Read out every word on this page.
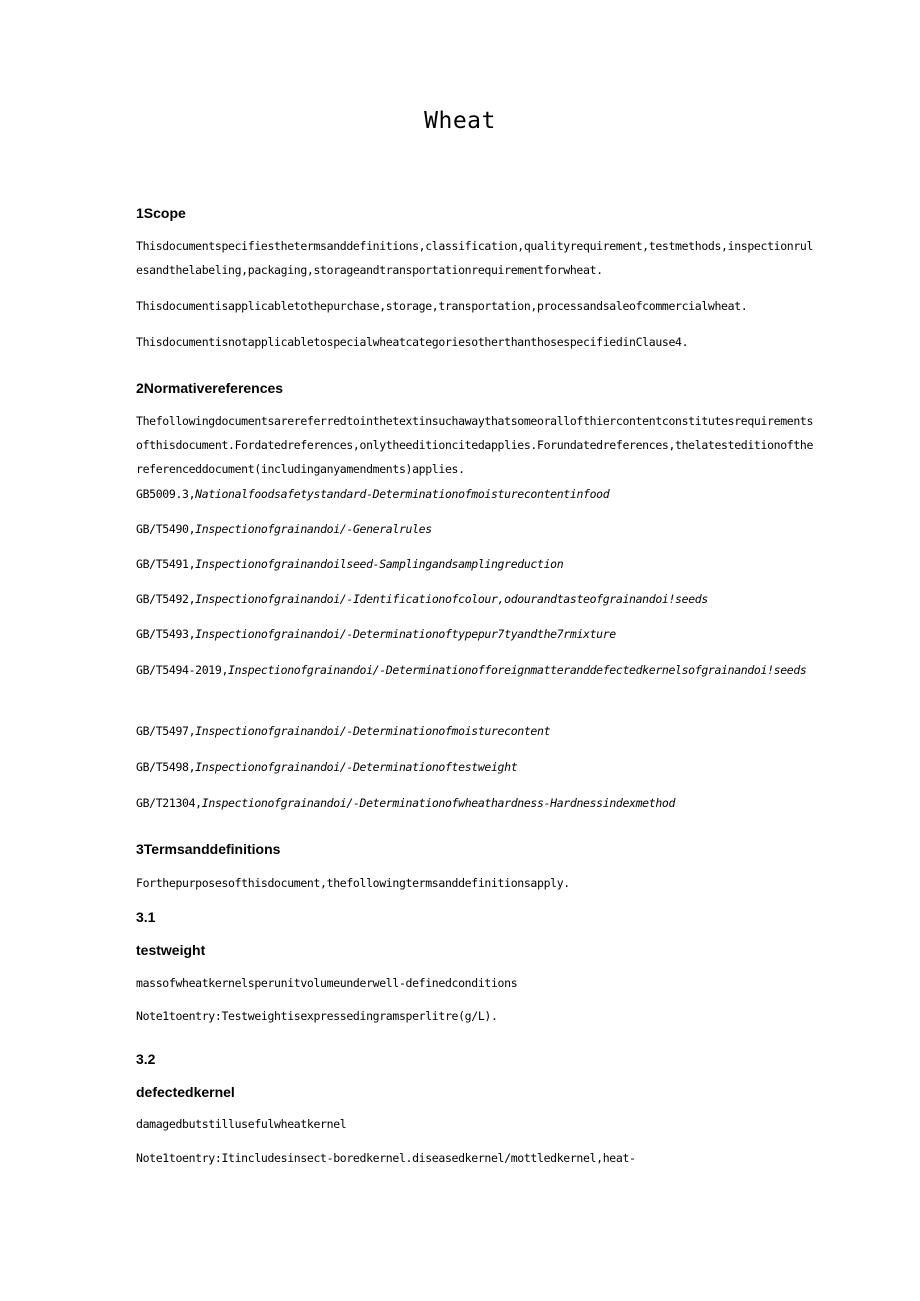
Wheat
1Scope

Thisdocumentspecifiesthetermsanddefinitions,classification,qualityrequirement,testmethods,inspectionrulesandthelabeling,packaging,storageandtransportationrequirementforwheat.

Thisdocumentisapplicabletothepurchase,storage,transportation,processandsaleofcommercialwheat.

ThisdocumentisnotapplicabletospecialwheatcategoriesotherthanthosespecifiedinClause4.

2Normativereferences

Thefollowingdocumentsarereferredtointhetextinsuchawaythatsomeorallofthiercontentconstitutesrequirementsofthisdocument.Fordatedreferences,onlytheeditioncitedapplies.Forundatedreferences,thelatesteditionofthereferenceddocument(includinganyamendments)applies.

GB5009.3,Nationalfoodsafetystandard-Determinationofmoisturecontentinfood

GB/T5490,Inspectionofgrainandoi/-Generalrules

GB/T5491,Inspectionofgrainandoilseed-Samplingandsamplingreduction

GB/T5492,Inspectionofgrainandoi/-Identificationofcolour,odourandtasteofgrainandoi!seeds

GB/T5493,Inspectionofgrainandoi/-Determinationoftypepur7tyandthe7rmixture

GB/T5494-2019,Inspectionofgrainandoi/-Determinationofforeignmatteranddefectedkernelsofgrainandoi!seeds

GB/T5497,Inspectionofgrainandoi/-Determinationofmoisturecontent

GB/T5498,Inspectionofgrainandoi/-Determinationoftestweight

GB/T21304,Inspectionofgrainandoi/-Determinationofwheathardness-Hardnessindexmethod

3Termsanddefinitions

Forthepurposesofthisdocument,thefollowingtermsanddefinitionsapply.

3.1
testweight

massofwheatkernelsperunitvolumeunderwell-definedconditions

Note1toentry:Testweightisexpressedingramsperlitre(g/L).

3.2
defectedkernel

damagedbutstillusefulwheatkernel

Note1toentry:Itincludesinsect-boredkernel.diseasedkernel/mottledkernel,heat-
